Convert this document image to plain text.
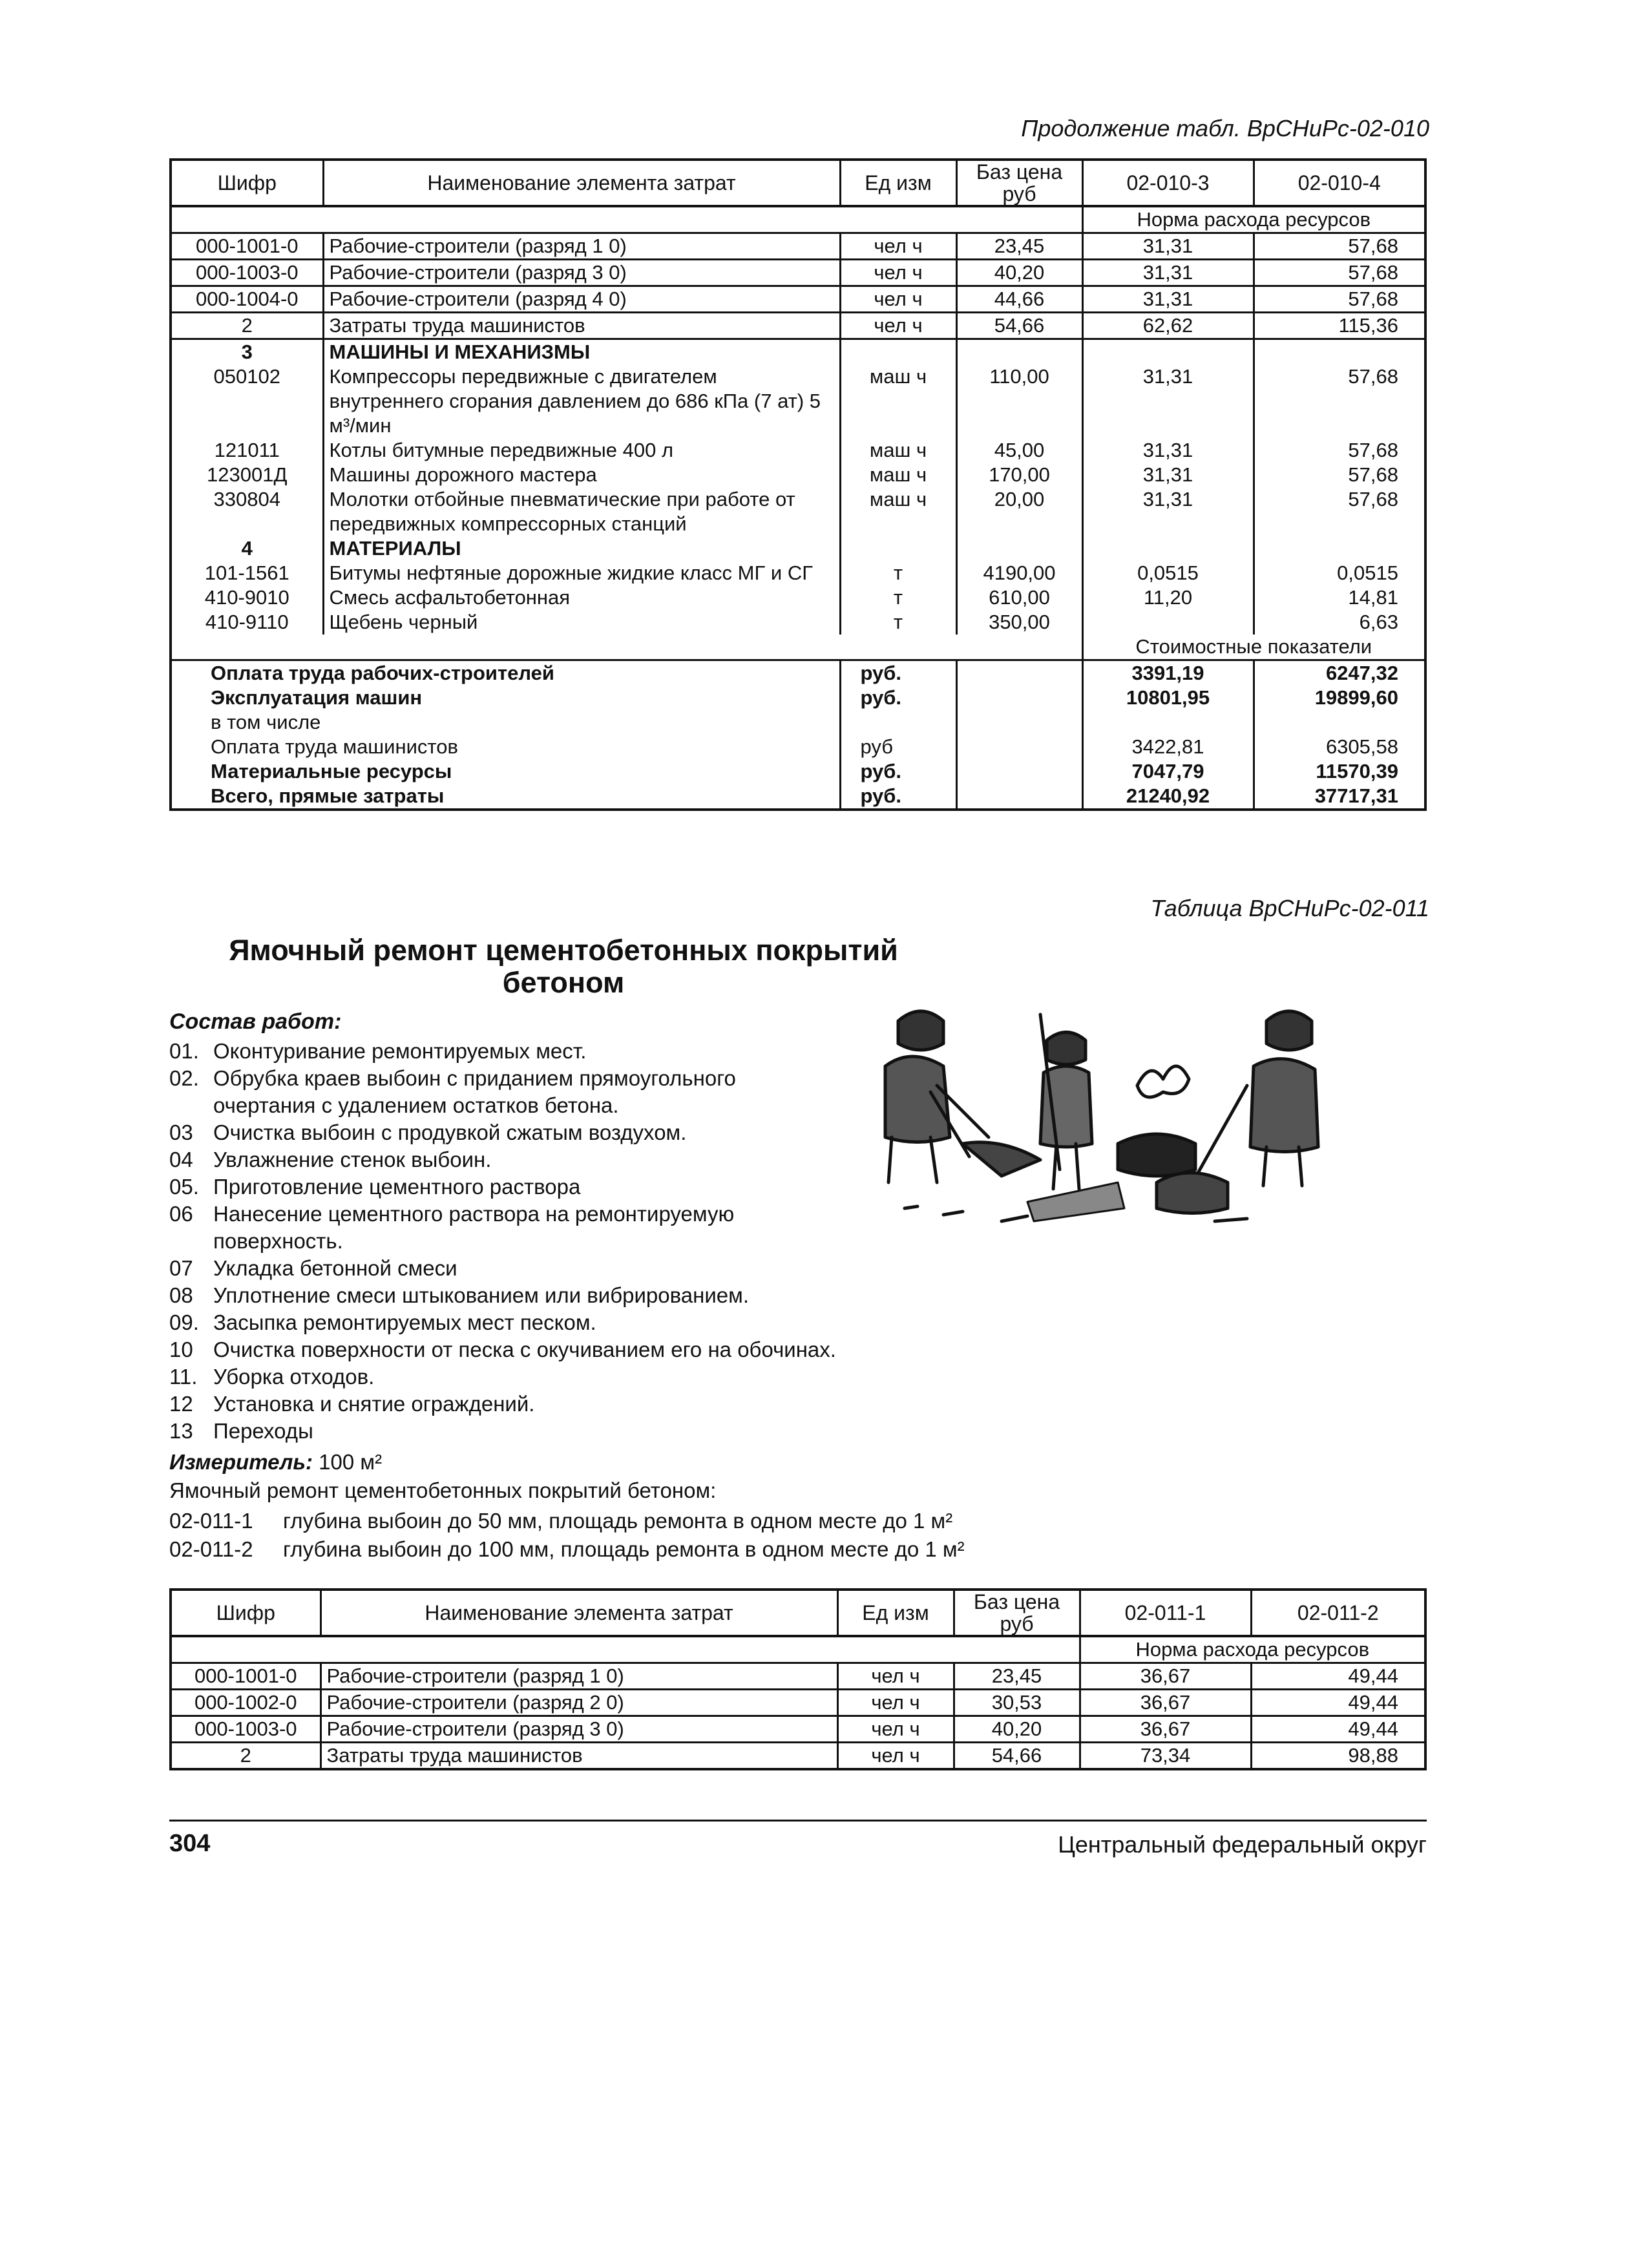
Продолжение табл. ВрСНиРс-02-010
Шифр	Наименование элемента затрат	Ед изм	Баз цена руб	02-010-3	02-010-4
				Норма расхода ресурсов	
000-1001-0	Рабочие-строители (разряд 1 0)	чел ч	23,45	31,31	57,68
000-1003-0	Рабочие-строители (разряд 3 0)	чел ч	40,20	31,31	57,68
000-1004-0	Рабочие-строители (разряд 4 0)	чел ч	44,66	31,31	57,68
2	Затраты труда машинистов	чел ч	54,66	62,62	115,36
3	МАШИНЫ И МЕХАНИЗМЫ				
050102	Компрессоры передвижные с двигателем внутреннего сгорания давлением до 686 кПа (7 ат) 5 м³/мин	маш ч	110,00	31,31	57,68
121011	Котлы битумные передвижные 400 л	маш ч	45,00	31,31	57,68
123001Д	Машины дорожного мастера	маш ч	170,00	31,31	57,68
330804	Молотки отбойные пневматические при работе от передвижных компрессорных станций	маш ч	20,00	31,31	57,68
4	МАТЕРИАЛЫ				
101-1561	Битумы нефтяные дорожные жидкие класс МГ и СГ	т	4190,00	0,0515	0,0515
410-9010	Смесь асфальтобетонная	т	610,00	11,20	14,81
410-9110	Щебень черный	т	350,00		6,63
				Стоимостные показатели	
Оплата труда рабочих-строителей		руб.		3391,19	6247,32
Эксплуатация машин		руб.		10801,95	19899,60
в том числе					
Оплата труда машинистов		руб		3422,81	6305,58
Материальные ресурсы		руб.		7047,79	11570,39
Всего, прямые затраты		руб.		21240,92	37717,31
Таблица ВрСНиРс-02-011
Ямочный ремонт цементобетонных покрытий
бетоном
Состав работ:
01. Оконтуривание ремонтируемых мест.
02. Обрубка краев выбоин с приданием прямоугольного
очертания с удалением остатков бетона.
03 Очистка выбоин с продувкой сжатым воздухом.
04 Увлажнение стенок выбоин.
05. Приготовление цементного раствора
06 Нанесение цементного раствора на ремонтируемую
поверхность.
07 Укладка бетонной смеси
08 Уплотнение смеси штыкованием или вибрированием.
09. Засыпка ремонтируемых мест песком.
10 Очистка поверхности от песка с окучиванием его на обочинах.
11. Уборка отходов.
12 Установка и снятие ограждений.
13 Переходы
Измеритель: 100 м²
Ямочный ремонт цементобетонных покрытий бетоном:
02-011-1 глубина выбоин до 50 мм, площадь ремонта в одном месте до 1 м²
02-011-2 глубина выбоин до 100 мм, площадь ремонта в одном месте до 1 м²
Шифр	Наименование элемента затрат	Ед изм	Баз цена руб	02-011-1	02-011-2
				Норма расхода ресурсов	
000-1001-0	Рабочие-строители (разряд 1 0)	чел ч	23,45	36,67	49,44
000-1002-0	Рабочие-строители (разряд 2 0)	чел ч	30,53	36,67	49,44
000-1003-0	Рабочие-строители (разряд 3 0)	чел ч	40,20	36,67	49,44
2	Затраты труда машинистов	чел ч	54,66	73,34	98,88
304	Центральный федеральный округ
